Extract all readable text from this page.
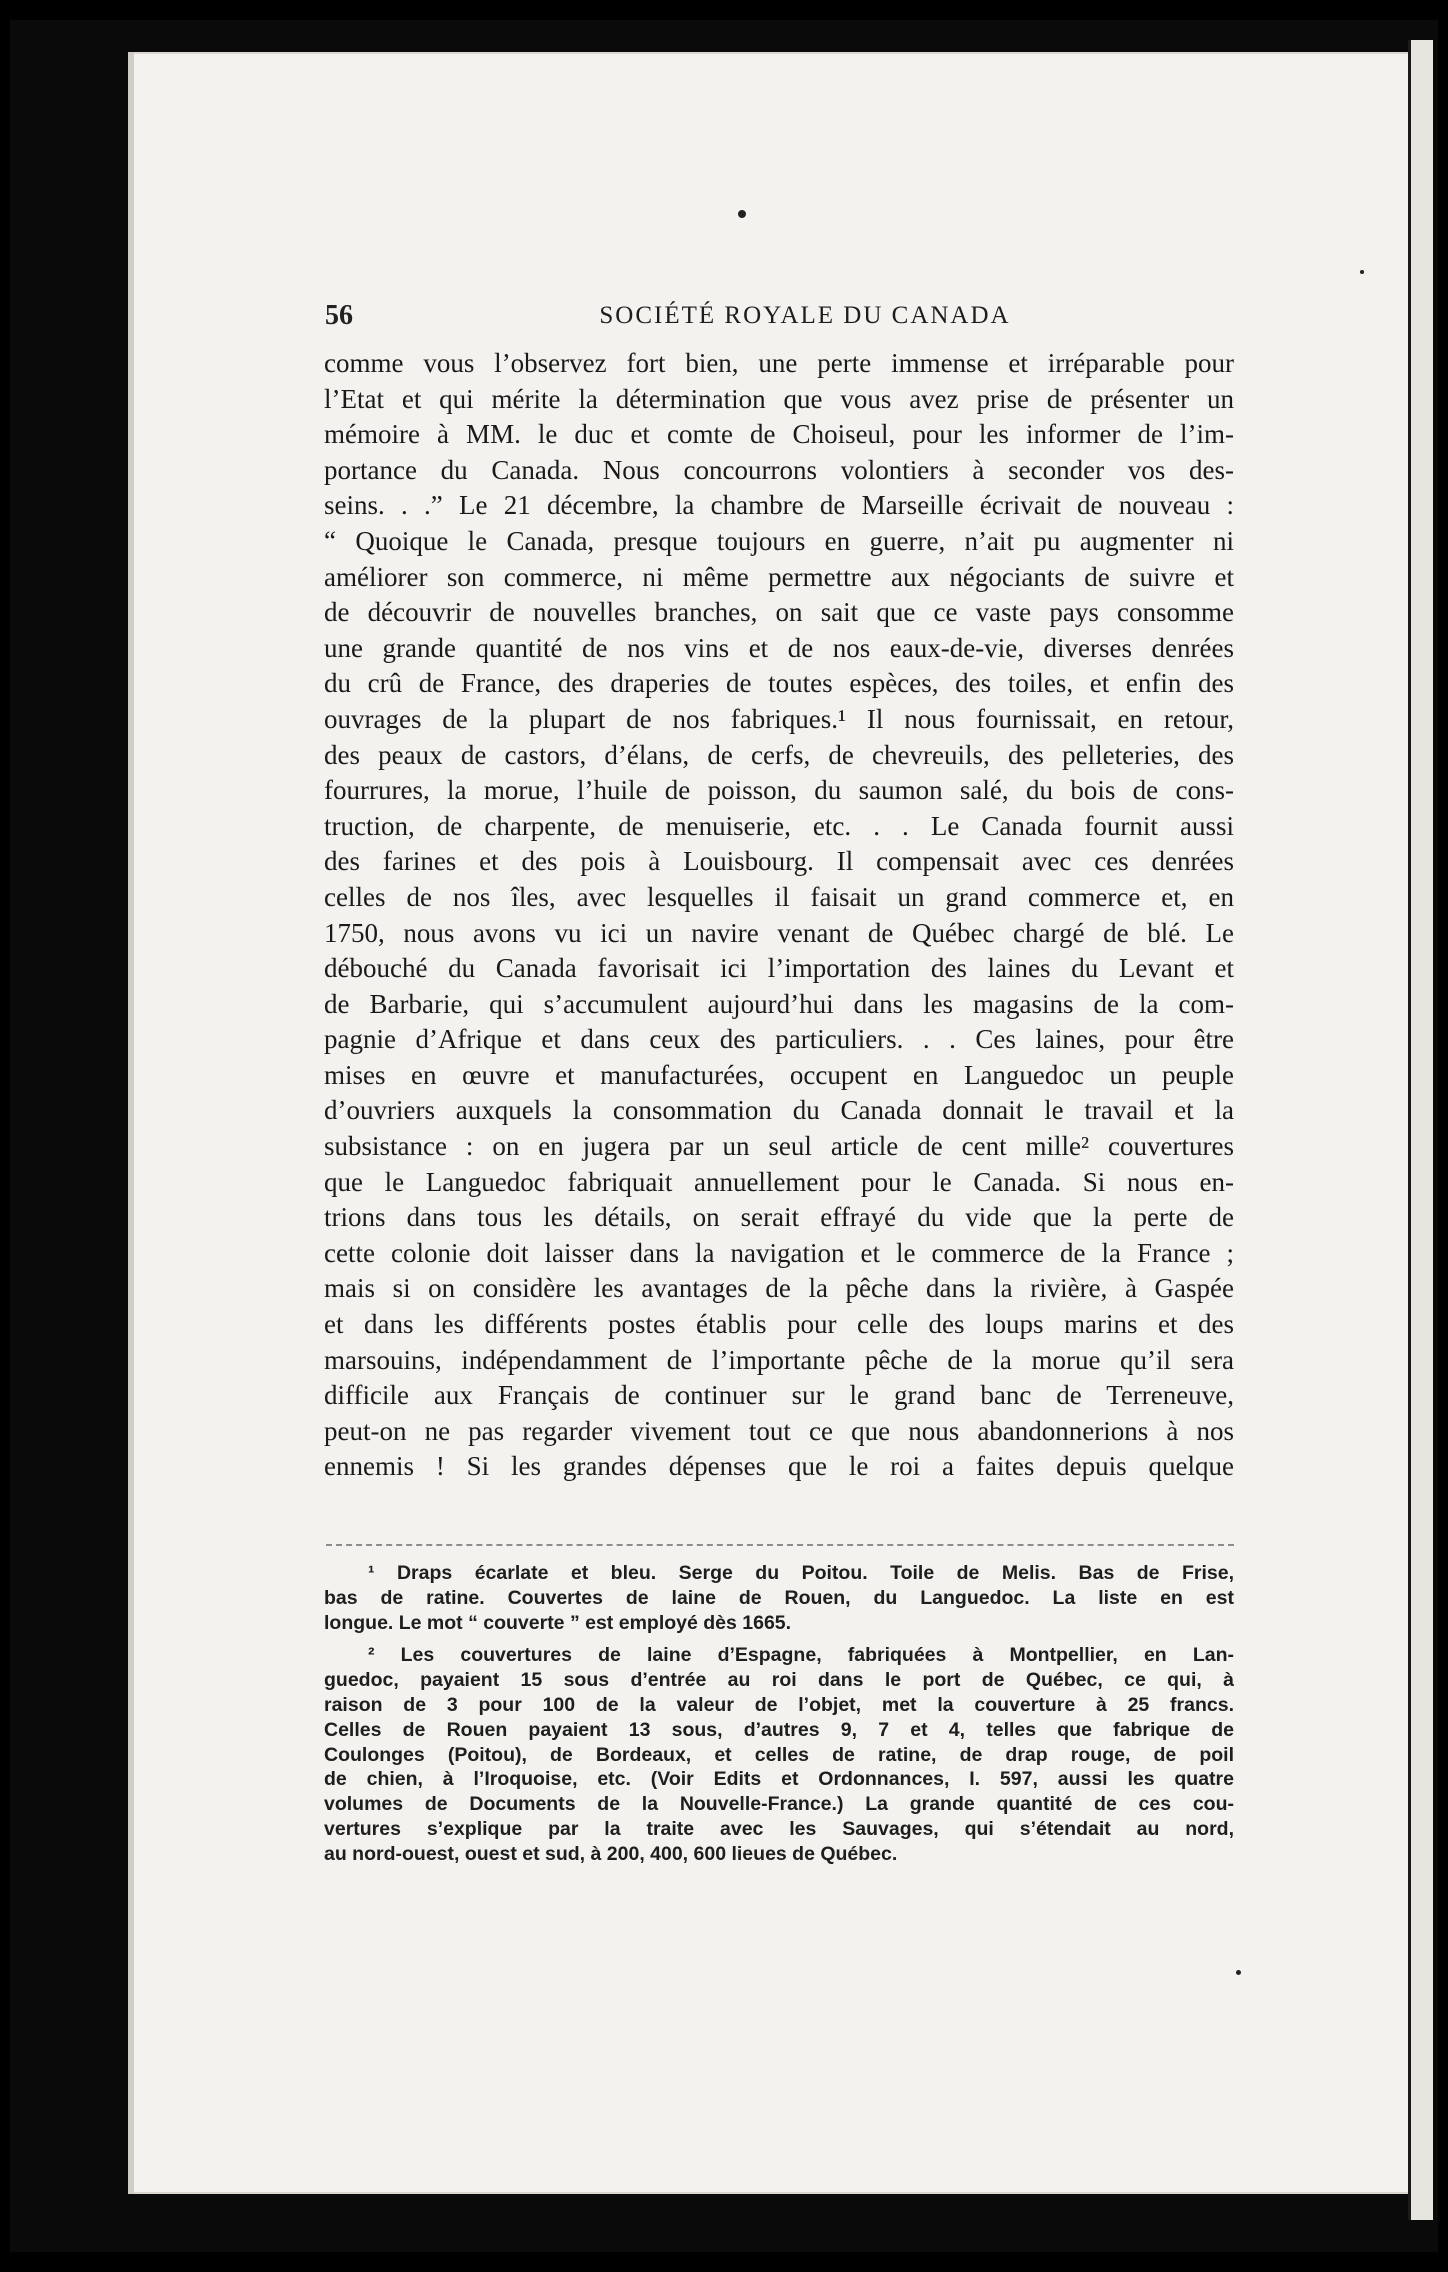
56	SOCIÉTÉ ROYALE DU CANADA
comme vous l’observez fort bien, une perte immense et irréparable pour
l’Etat et qui mérite la détermination que vous avez prise de présenter un
mémoire à MM. le duc et comte de Choiseul, pour les informer de l’im-
portance du Canada. Nous concourrons volontiers à seconder vos des-
seins. . .” Le 21 décembre, la chambre de Marseille écrivait de nouveau :
“ Quoique le Canada, presque toujours en guerre, n’ait pu augmenter ni
améliorer son commerce, ni même permettre aux négociants de suivre et
de découvrir de nouvelles branches, on sait que ce vaste pays consomme
une grande quantité de nos vins et de nos eaux-de-vie, diverses denrées
du crû de France, des draperies de toutes espèces, des toiles, et enfin des
ouvrages de la plupart de nos fabriques.¹ Il nous fournissait, en retour,
des peaux de castors, d’élans, de cerfs, de chevreuils, des pelleteries, des
fourrures, la morue, l’huile de poisson, du saumon salé, du bois de cons-
truction, de charpente, de menuiserie, etc. . . Le Canada fournit aussi
des farines et des pois à Louisbourg. Il compensait avec ces denrées
celles de nos îles, avec lesquelles il faisait un grand commerce et, en
1750, nous avons vu ici un navire venant de Québec chargé de blé. Le
débouché du Canada favorisait ici l’importation des laines du Levant et
de Barbarie, qui s’accumulent aujourd’hui dans les magasins de la com-
pagnie d’Afrique et dans ceux des particuliers. . . Ces laines, pour être
mises en œuvre et manufacturées, occupent en Languedoc un peuple
d’ouvriers auxquels la consommation du Canada donnait le travail et la
subsistance : on en jugera par un seul article de cent mille² couvertures
que le Languedoc fabriquait annuellement pour le Canada. Si nous en-
trions dans tous les détails, on serait effrayé du vide que la perte de
cette colonie doit laisser dans la navigation et le commerce de la France ;
mais si on considère les avantages de la pêche dans la rivière, à Gaspée
et dans les différents postes établis pour celle des loups marins et des
marsouins, indépendamment de l’importante pêche de la morue qu’il sera
difficile aux Français de continuer sur le grand banc de Terreneuve,
peut-on ne pas regarder vivement tout ce que nous abandonnerions à nos
ennemis ! Si les grandes dépenses que le roi a faites depuis quelque
¹ Draps écarlate et bleu. Serge du Poitou. Toile de Melis. Bas de Frise,
bas de ratine. Couvertes de laine de Rouen, du Languedoc. La liste en est
longue. Le mot “ couverte ” est employé dès 1665.
² Les couvertures de laine d’Espagne, fabriquées à Montpellier, en Lan-
guedoc, payaient 15 sous d’entrée au roi dans le port de Québec, ce qui, à
raison de 3 pour 100 de la valeur de l’objet, met la couverture à 25 francs.
Celles de Rouen payaient 13 sous, d’autres 9, 7 et 4, telles que fabrique de
Coulonges (Poitou), de Bordeaux, et celles de ratine, de drap rouge, de poil
de chien, à l’Iroquoise, etc. (Voir Edits et Ordonnances, I. 597, aussi les quatre
volumes de Documents de la Nouvelle-France.) La grande quantité de ces cou-
vertures s’explique par la traite avec les Sauvages, qui s’étendait au nord,
au nord-ouest, ouest et sud, à 200, 400, 600 lieues de Québec.
